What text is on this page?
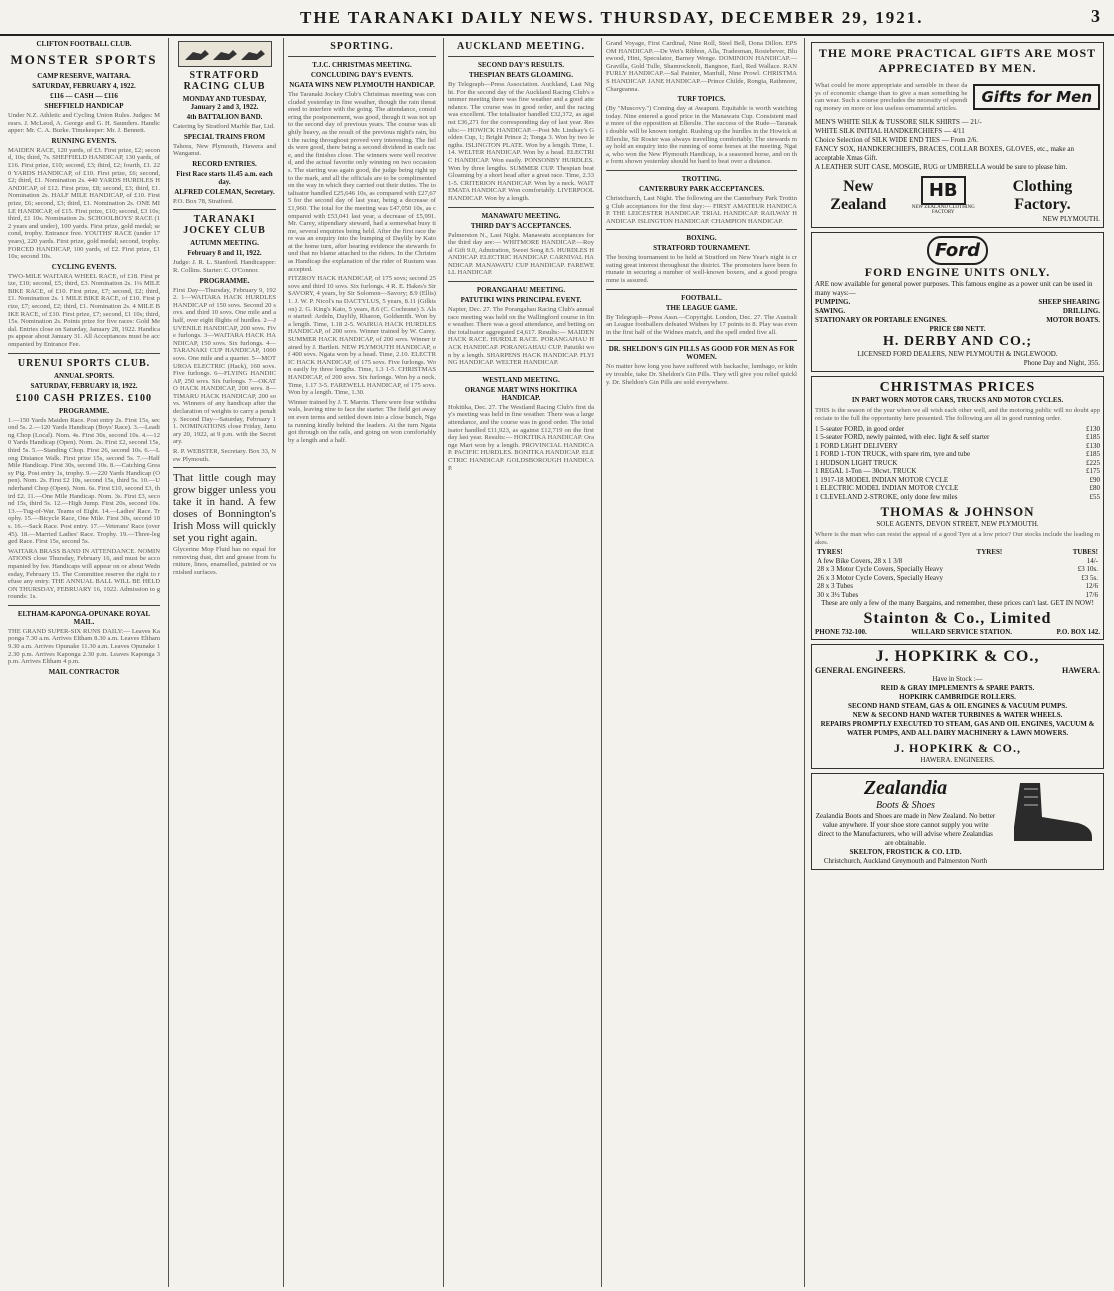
THE TARANAKI DAILY NEWS. THURSDAY, DECEMBER 29, 1921.	3
CLIFTON FOOTBALL CLUB.
MONSTER SPORTS
CAMP RESERVE, WAITARA.
SATURDAY, FEBRUARY 4, 1922.
£116 — CASH — £116
SHEFFIELD HANDICAP
Under N.Z. Athletic and Cycling Union Rules. Judges: Messrs. J. McLeod, A. George and G. H. Saunders. Handicapper: Mr. C. A. Burke. Timekeeper: Mr. J. Bennett.
RUNNING EVENTS.
MAIDEN RACE, 120 yards, of £3. First prize, £2; second, 10s; third, 7s. SHEFFIELD HANDICAP, 130 yards, of £16. First prize, £10; second, £3; third, £2; fourth, £1. 220 YARDS HANDICAP, of £10. First prize, £6; second, £2; third, £1. Nomination 2s. 440 YARDS HURDLES HANDICAP, of £12. First prize, £8; second, £3; third, £1. Nomination 2s. HALF MILE HANDICAP, of £10. First prize, £6; second, £3; third, £1. Nomination 2s. ONE MILE HANDICAP, of £15. First prize, £10; second, £3 10s; third, £1 10s. Nomination 2s. SCHOOLBOYS' RACE (12 years and under), 100 yards. First prize, gold medal; second, trophy. Entrance free. YOUTHS' RACE (under 17 years), 220 yards. First prize, gold medal; second, trophy. FORCED HANDICAP, 100 yards, of £2. First prize, £1 10s; second 10s.
CYCLING EVENTS.
TWO-MILE WAITARA WHEEL RACE, of £18. First prize, £10; second, £5; third, £3. Nomination 2s. 1¼ MILE BIKE RACE, of £10. First prize, £7; second, £2; third, £1. Nomination 2s. 1 MILE BIKE RACE, of £10. First prize, £7; second, £2; third, £1. Nomination 2s. 4 MILE BIKE RACE, of £10. First prize, £7; second, £1 10s; third, 15s. Nomination 2s. Points prize for five races: Gold Medal. Entries close on Saturday, January 28, 1922. Handicaps appear about January 31. All Acceptances must be accompanied by Entrance Fee.
URENUI SPORTS CLUB.
ANNUAL SPORTS.
SATURDAY, FEBRUARY 18, 1922.
£100 CASH PRIZES. £100
PROGRAMME.
1.—150 Yards Maiden Race. Post entry 2s. First 15s, second 5s. 2.—120 Yards Handicap (Boys' Race). 3.—Leading Chop (Local). Nom. 4s. First 30s, second 10s. 4.—120 Yards Handicap (Open). Nom. 2s. First £2, second 15s, third 5s. 5.—Standing Chop. First 26, second 10s. 6.—Long Distance Walk. First prize 15s, second 5s. 7.—Half Mile Handicap. First 30s, second 10s. 8.—Catching Greasy Pig. Post entry 1s, trophy. 9.—220 Yards Handicap (Open). Nom. 2s. First £2 10s, second 15s, third 5s. 10.—Underhand Chop (Open). Nom. 6s. First £10, second £3, third £2. 11.—One Mile Handicap. Nom. 3s. First £3, second 15s, third 5s. 12.—High Jump. First 20s, second 10s. 13.—Tug-of-War. Teams of Eight. 14.—Ladies' Race. Trophy. 15.—Bicycle Race, One Mile. First 30s, second 10s. 16.—Sack Race. Post entry. 17.—Veterans' Race (over 45). 18.—Married Ladies' Race. Trophy. 19.—Three-legged Race. First 15s, second 5s.
WAITARA BRASS BAND IN ATTENDANCE. NOMINATIONS close Thursday, February 16, and must be accompanied by fee. Handicaps will appear on or about Wednesday, February 15. The Committee reserve the right to refuse any entry. THE ANNUAL BALL WILL BE HELD ON THURSDAY, FEBRUARY 16, 1922. Admission to grounds: 1s.
ELTHAM-KAPONGA-OPUNAKE ROYAL MAIL.
THE GRAND SUPER-SIX RUNS DAILY:— Leaves Kaponga 7.30 a.m. Arrives Eltham 8.30 a.m. Leaves Eltham 9.30 a.m. Arrives Opunake 11.30 a.m. Leaves Opunake 12.30 p.m. Arrives Kaponga 2.30 p.m. Leaves Kaponga 3 p.m. Arrives Eltham 4 p.m.
MAIL CONTRACTOR
STRATFORD RACING CLUB
MONDAY AND TUESDAY, January 2 and 3, 1922.
4th BATTALION BAND.
Catering by Stratford Marble Bar, Ltd.
SPECIAL TRAINS FROM
Tahora, New Plymouth, Hawera and Wanganui.
RECORD ENTRIES.
First Race starts 11.45 a.m. each day.
ALFRED COLEMAN, Secretary.
P.O. Box 78, Stratford.
TARANAKI JOCKEY CLUB
AUTUMN MEETING.
February 8 and 11, 1922.
Judge: J. R. L. Stanford. Handicapper: R. Collins. Starter: C. O'Connor.
PROGRAMME.
First Day—Thursday, February 9, 1922. 1—WAITARA HACK HURDLES HANDICAP of 150 sovs. Second 20 sovs. and third 10 sovs. One mile and a half, over eight flights of hurdles. 2—JUVENILE HANDICAP, 200 sovs. Five furlongs. 3—WAITARA HACK HANDICAP, 150 sovs. Six furlongs. 4—TARANAKI CUP HANDICAP, 1000 sovs. One mile and a quarter. 5—MOTUROA ELECTRIC (Hack), 160 sovs. Five furlongs. 6—FLYING HANDICAP, 250 sovs. Six furlongs. 7—OKATO HACK HANDICAP, 200 sovs. 8—TIMARU HACK HANDICAP, 200 sovs. Winners of any handicap after the declaration of weights to carry a penalty. Second Day—Saturday, February 11. NOMINATIONS close Friday, January 20, 1922, at 9 p.m. with the Secretary.
R. P. WEBSTER, Secretary. Box 33, New Plymouth.
That little cough may grow bigger unless you take it in hand. A few doses of Bonnington's Irish Moss will quickly set you right again.
Glycerine Mop Fluid has no equal for removing dust, dirt and grease from furniture, linos, enamelled, painted or varnished surfaces.
SPORTING.
T.J.C. CHRISTMAS MEETING.
CONCLUDING DAY'S EVENTS.
NGATA WINS NEW PLYMOUTH HANDICAP.
The Taranaki Jockey Club's Christmas meeting was concluded yesterday in fine weather, though the rain threatened to interfere with the going. The attendance, considering the postponement, was good, though it was not up to the second day of previous years. The course was slightly heavy, as the result of the previous night's rain, but the racing throughout proved very interesting. The fields were good, there being a second dividend in each race, and the finishes close. The winners were well received, and the actual favorite only winning on two occasions. The starting was again good, the judge being right up to the mark, and all the officials are to be complimented on the way in which they carried out their duties. The totalisator handled £25,646 10s, as compared with £27,675 for the second day of last year, being a decrease of £1,960. The total for the meeting was £47,050 10s, as compared with £53,041 last year, a decrease of £5,991. Mr. Carey, stipendiary steward, had a somewhat busy time, several enquiries being held. After the first race there was an enquiry into the bumping of Daylily by Kato at the home turn, after hearing evidence the stewards found that no blame attached to the riders. In the Christmas Handicap the explanation of the rider of Rustum was accepted.
FITZROY HACK HANDICAP, of 175 sovs; second 25 sovs and third 10 sovs. Six furlongs. 4 R. E. Hakes's Sir SAVORY, 4 years, by Sir Solomon—Savory; 8.9 (Ellis) 1. J. W. P. Nicol's na DACTYLUS, 5 years, 8.11 (Gilkison) 2. G. King's Kato, 5 years, 8.6 (C. Cochrane) 3. Also started: Ardeln, Daylily, Rhaeon, Goldsmith. Won by a length. Time, 1.18 2-5. WAIRUA HACK HURDLES HANDICAP, of 200 sovs. Winner trained by W. Carey. SUMMER HACK HANDICAP, of 200 sovs. Winner trained by J. Bartlett. NEW PLYMOUTH HANDICAP, of 400 sovs. Ngata won by a head. Time, 2.10. ELECTRIC HACK HANDICAP, of 175 sovs. Five furlongs. Won easily by three lengths. Time, 1.3 1-5. CHRISTMAS HANDICAP, of 200 sovs. Six furlongs. Won by a neck. Time, 1.17 3-5. FAREWELL HANDICAP, of 175 sovs. Won by a length. Time, 1.30.
Winner trained by J. T. Marrin. There were four withdrawals, leaving nine to face the starter. The field got away on even terms and settled down into a close bunch, Ngata running kindly behind the leaders. At the turn Ngata got through on the rails, and going on won comfortably by a length and a half.
AUCKLAND MEETING.
SECOND DAY'S RESULTS.
THESPIAN BEATS GLOAMING.
By Telegraph—Press Association. Auckland, Last Night. For the second day of the Auckland Racing Club's summer meeting there was fine weather and a good attendance. The course was in good order, and the racing was excellent. The totalisator handled £32,372, as against £36,271 for the corresponding day of last year. Results:— HOWICK HANDICAP.—Post Mr. Lindsay's Golden Cup, 1; Bright Prince 2; Tonga 3. Won by two lengths. ISLINGTON PLATE. Won by a length. Time, 1.14. WELTER HANDICAP. Won by a head. ELECTRIC HANDICAP. Won easily. PONSONBY HURDLES. Won by three lengths. SUMMER CUP. Thespian beat Gloaming by a short head after a great race. Time, 2.33 1-5. CRITERION HANDICAP. Won by a neck. WAITEMATA HANDICAP. Won comfortably. LIVERPOOL HANDICAP. Won by a length.
MANAWATU MEETING.
THIRD DAY'S ACCEPTANCES.
Palmerston N., Last Night. Manawatu acceptances for the third day are:— WHITMORE HANDICAP.—Royal Gift 9.0, Admiration, Sweet Song 8.5. HURDLES HANDICAP. ELECTRIC HANDICAP. CARNIVAL HANDICAP. MANAWATU CUP HANDICAP. FAREWELL HANDICAP.
PORANGAHAU MEETING.
PATUTIKI WINS PRINCIPAL EVENT.
Napier, Dec. 27. The Porangahau Racing Club's annual race meeting was held on the Wallingford course in fine weather. There was a good attendance, and betting on the totalisator aggregated £4,617. Results:— MAIDEN HACK RACE. HURDLE RACE. PORANGAHAU HACK HANDICAP. PORANGAHAU CUP. Patutiki won by a length. SHARPENS HACK HANDICAP. FLYING HANDICAP. WELTER HANDICAP.
WESTLAND MEETING.
ORANGE MART WINS HOKITIKA HANDICAP.
Hokitika, Dec. 27. The Westland Racing Club's first day's meeting was held in fine weather. There was a large attendance, and the course was in good order. The totalisator handled £11,923, as against £12,719 on the first day last year. Results:— HOKITIKA HANDICAP. Orange Mart won by a length. PROVINCIAL HANDICAP. PACIFIC HURDLES. BONITKA HANDICAP. ELECTRIC HANDICAP. GOLDSBOROUGH HANDICAP.
Grand Voyage, First Cardinal, Nine Roll, Steel Bell, Dona Dillon. EPSOM HANDICAP.—De Wet's Ribbon, Alla, Tradesman, Rosiebever, Bluewood, Hint, Speculator, Barney Wenge. DOMINION HANDICAP.—Gravilla, Gold Tulle, Shamrocknoli, Bangnoe, Earl, Red Wallace. RANFURLY HANDICAP.—Sal Painter, Manfull, Nine Prowl. CHRISTMAS HANDICAP. JANE HANDICAP.—Prince Childe, Rongia, Rathmore, Chargeanna.
TURF TOPICS.
(By "Muscovy.") Coming day at Awapuni. Equitable is worth watching today. Nine entered a good price in the Manawatu Cup. Consistent made more of the opposition at Ellerslie. The success of the Rude—Taranaki double will be known tonight. Rushing up the hurdles in the Howick at Ellerslie, Sir Rosier was always travelling comfortably. The stewards may hold an enquiry into the running of some horses at the meeting. Ngata, who won the New Plymouth Handicap, is a seasoned horse, and on the form shown yesterday should be hard to beat over a distance.
TROTTING.
CANTERBURY PARK ACCEPTANCES.
Christchurch, Last Night. The following are the Canterbury Park Trotting Club acceptances for the first day:— FIRST AMATEUR HANDICAP. THE LEICESTER HANDICAP. TRIAL HANDICAP. RAILWAY HANDICAP. ISLINGTON HANDICAP. CHAMPION HANDICAP.
BOXING.
STRATFORD TOURNAMENT.
The boxing tournament to be held at Stratford on New Year's night is creating great interest throughout the district. The promoters have been fortunate in securing a number of well-known boxers, and a good programme is assured.
FOOTBALL.
THE LEAGUE GAME.
By Telegraph—Press Assn.—Copyright. London, Dec. 27. The Australian League footballers defeated Widnes by 17 points to 8. Play was even in the first half of the Widnes match, and the spell ended five all.
DR. SHELDON'S GIN PILLS AS GOOD FOR MEN AS FOR WOMEN.
No matter how long you have suffered with backache, lumbago, or kidney trouble, take Dr. Sheldon's Gin Pills. They will give you relief quickly. Dr. Sheldon's Gin Pills are sold everywhere.
THE MORE PRACTICAL GIFTS ARE MOST APPRECIATED BY MEN.
What could be more appropriate and sensible in these days of economic change than to give a man something he can wear. Such a course precludes the necessity of spending money on more or less useless ornamental articles.
Gifts for Men
MEN'S WHITE SILK & TUSSORE SILK SHIRTS — 21/-
WHITE SILK INITIAL HANDKERCHIEFS — 4/11
Choice Selection of SILK WIDE END TIES — From 2/6.
FANCY SOX, HANDKERCHIEFS, BRACES, COLLAR BOXES, GLOVES, etc., make an acceptable Xmas Gift.
A LEATHER SUIT CASE, MOSGIE, RUG or UMBRELLA would be sure to please him.
New Zealand
HB
NEW ZEALAND CLOTHING FACTORY
Clothing Factory.
NEW PLYMOUTH.
Ford
FORD ENGINE UNITS ONLY.
ARE now available for general power purposes. This famous engine as a power unit can be used in many ways:—
PUMPING.	SHEEP SHEARING
SAWING.	DRILLING.
STATIONARY OR PORTABLE ENGINES.	MOTOR BOATS.
PRICE £80 NETT.
H. DERBY AND CO.;
LICENSED FORD DEALERS, NEW PLYMOUTH & INGLEWOOD.
Phone Day and Night, 355.
CHRISTMAS PRICES
IN PART WORN MOTOR CARS, TRUCKS AND MOTOR CYCLES.
THIS is the season of the year when we all wish each other well, and the motoring public will no doubt appreciate to the full the opportunity here presented. The following are all in good running order.
1 5-seater FORD, in good order	£130
1 5-seater FORD, newly painted, with elec. light & self starter	£185
1 FORD LIGHT DELIVERY	£130
1 FORD 1-TON TRUCK, with spare rim, tyre and tube	£185
1 HUDSON LIGHT TRUCK	£225
1 REGAL 1-Ton — 30cwt. TRUCK	£175
1 1917-18 MODEL INDIAN MOTOR CYCLE	£90
1 ELECTRIC MODEL INDIAN MOTOR CYCLE	£80
1 CLEVELAND 2-STROKE, only done few miles	£55
THOMAS & JOHNSON
SOLE AGENTS, DEVON STREET, NEW PLYMOUTH.
Where is the man who can resist the appeal of a good Tyre at a low price? Our stocks include the leading makes.
TYRES!	TYRES!	TUBES!
A few Bike Covers, 28 x 1 3/8		14/-
28 x 3 Motor Cycle Covers, Specially Heavy		£3 10s.
26 x 3 Motor Cycle Covers, Specially Heavy		£3 5s.
28 x 3 Tubes		12/6
30 x 3½ Tubes		17/6
These are only a few of the many Bargains, and remember, these prices can't last. GET IN NOW!
Stainton & Co., Limited
PHONE 732-100.	WILLARD SERVICE STATION.	P.O. BOX 142.
J. HOPKIRK & CO.,
GENERAL ENGINEERS.	HAWERA.
Have in Stock :—
REID & GRAY IMPLEMENTS & SPARE PARTS.
HOPKIRK CAMBRIDGE ROLLERS.
SECOND HAND STEAM, GAS & OIL ENGINES & VACUUM PUMPS.
NEW & SECOND HAND WATER TURBINES & WATER WHEELS.
REPAIRS PROMPTLY EXECUTED TO STEAM, GAS AND OIL ENGINES, VACUUM & WATER PUMPS, AND ALL DAIRY MACHINERY & LAWN MOWERS.
J. HOPKIRK & CO.,
HAWERA. ENGINEERS.
Zealandia
Boots & Shoes
Zealandia Boots and Shoes are made in New Zealand. No better value anywhere. If your shoe store cannot supply you write direct to the Manufacturers, who will advise where Zealandias are obtainable.
SKELTON, FROSTICK & CO. LTD.
Christchurch, Auckland Greymouth and Palmerston North
